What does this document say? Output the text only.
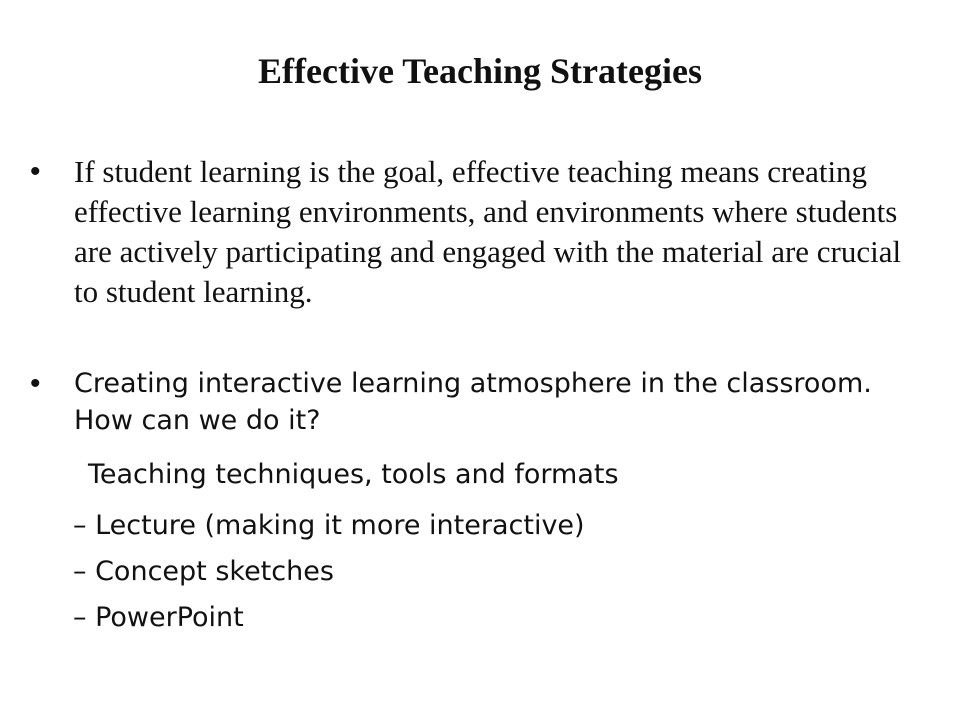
Effective Teaching Strategies
• If student learning is the goal, effective teaching means creating effective learning environments, and environments where students are actively participating and engaged with the material are crucial to student learning.
• Creating interactive learning atmosphere in the classroom. How can we do it?
Teaching techniques, tools and formats
– Lecture (making it more interactive)
– Concept sketches
– PowerPoint
